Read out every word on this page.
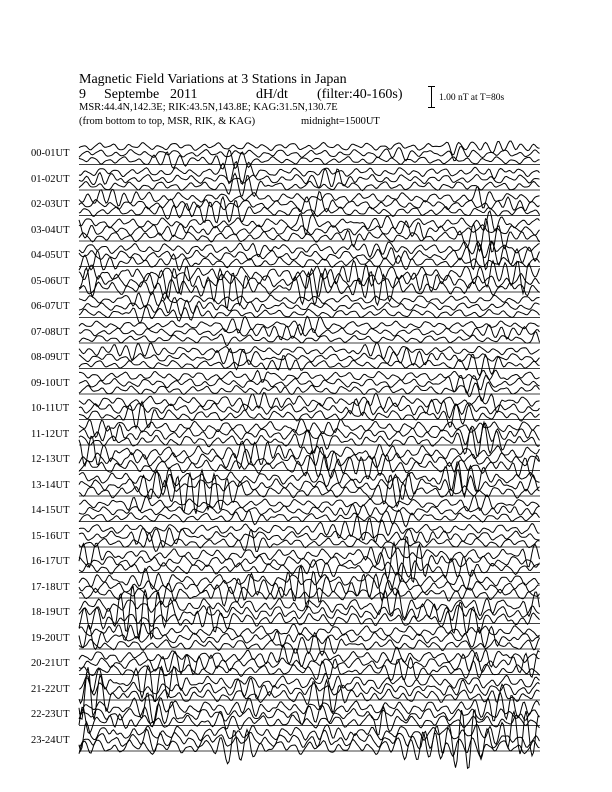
Magnetic Field Variations at 3 Stations in Japan
9 Septembe 2011	dH/dt (filter:40-160s)
MSR:44.4N,142.3E; RIK:43.5N,143.8E; KAG:31.5N,130.7E
(from bottom to top, MSR, RIK, & KAG)	midnight=1500UT
1.00 nT at T=80s
00-01UT
01-02UT
02-03UT
03-04UT
04-05UT
05-06UT
06-07UT
07-08UT
08-09UT
09-10UT
10-11UT
11-12UT
12-13UT
13-14UT
14-15UT
15-16UT
16-17UT
17-18UT
18-19UT
19-20UT
20-21UT
21-22UT
22-23UT
23-24UT
